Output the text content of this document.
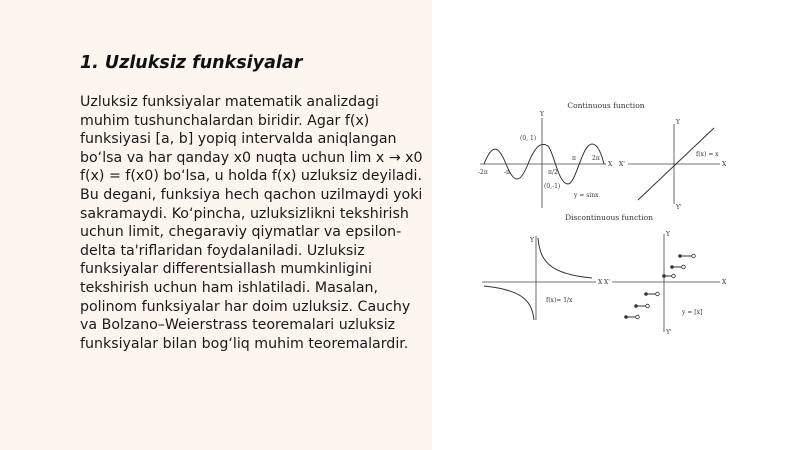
1. Uzluksiz funksiyalar

Uzluksiz funksiyalar matematik analizdagi muhim tushunchalardan biridir. Agar f(x) funksiyasi [a, b] yopiq intervalda aniqlangan bo‘lsa va har qanday x0 nuqta uchun lim x → x0 f(x) = f(x0) bo‘lsa, u holda f(x) uzluksiz deyiladi. Bu degani, funksiya hech qachon uzilmaydi yoki sakramaydi. Ko‘pincha, uzluksizlikni tekshirish uchun limit, chegaraviy qiymatlar va epsilon-delta ta'riflaridan foydalaniladi. Uzluksiz funksiyalar differentsiallash mumkinligini tekshirish uchun ham ishlatiladi. Masalan, polinom funksiyalar har doim uzluksiz. Cauchy va Bolzano–Weierstrass teoremalari uzluksiz funksiyalar bilan bog‘liq muhim teoremalardir.

Continuous function
Discontinuous function
Y
X
(0, 1)
(0,-1)
-2π	-π
π
π/2
2π
y = sinx
Y
Y'
X
X'
f(x) = x
Y
X
f(x)= 1/x
Y
Y'
X
X'
y = [x]
